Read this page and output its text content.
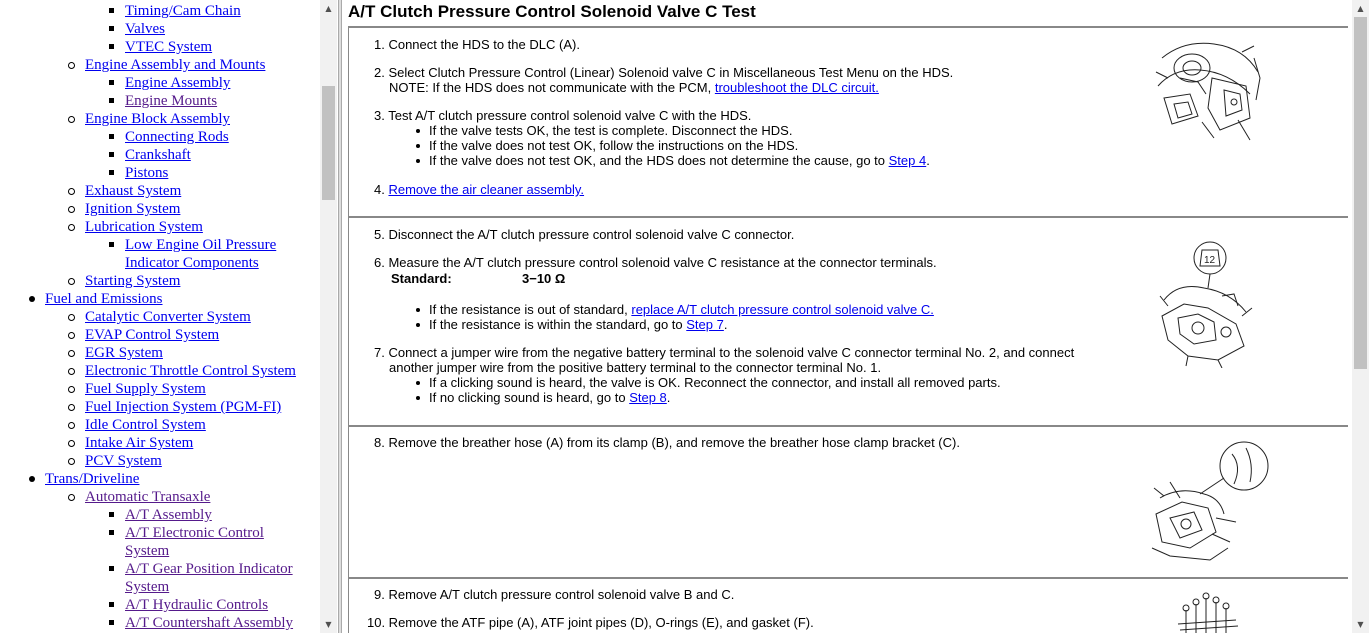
Timing/Cam Chain
Valves
VTEC System
Engine Assembly and Mounts
Engine Assembly
Engine Mounts
Engine Block Assembly
Connecting Rods
Crankshaft
Pistons
Exhaust System
Ignition System
Lubrication System
Low Engine Oil Pressure
Indicator Components
Starting System
Fuel and Emissions
Catalytic Converter System
EVAP Control System
EGR System
Electronic Throttle Control System
Fuel Supply System
Fuel Injection System (PGM-FI)
Idle Control System
Intake Air System
PCV System
Trans/Driveline
Automatic Transaxle
A/T Assembly
A/T Electronic Control
System
A/T Gear Position Indicator
System
A/T Hydraulic Controls
A/T Countershaft Assembly
▲
▼
A/T Clutch Pressure Control Solenoid Valve C Test
1. Connect the HDS to the DLC (A).
2. Select Clutch Pressure Control (Linear) Solenoid valve C in Miscellaneous Test Menu on the HDS.
NOTE: If the HDS does not communicate with the PCM, troubleshoot the DLC circuit.
3. Test A/T clutch pressure control solenoid valve C with the HDS.
If the valve tests OK, the test is complete. Disconnect the HDS.
If the valve does not test OK, follow the instructions on the HDS.
If the valve does not test OK, and the HDS does not determine the cause, go to Step 4.
4. Remove the air cleaner assembly.
5. Disconnect the A/T clutch pressure control solenoid valve C connector.
6. Measure the A/T clutch pressure control solenoid valve C resistance at the connector terminals.
Standard:	3−10 Ω
If the resistance is out of standard, replace A/T clutch pressure control solenoid valve C.
If the resistance is within the standard, go to Step 7.
7. Connect a jumper wire from the negative battery terminal to the solenoid valve C connector terminal No. 2, and connect
another jumper wire from the positive battery terminal to the connector terminal No. 1.
If a clicking sound is heard, the valve is OK. Reconnect the connector, and install all removed parts.
If no clicking sound is heard, go to Step 8.
12
8. Remove the breather hose (A) from its clamp (B), and remove the breather hose clamp bracket (C).
9. Remove A/T clutch pressure control solenoid valve B and C.
10. Remove the ATF pipe (A), ATF joint pipes (D), O-rings (E), and gasket (F).
▲
▼
